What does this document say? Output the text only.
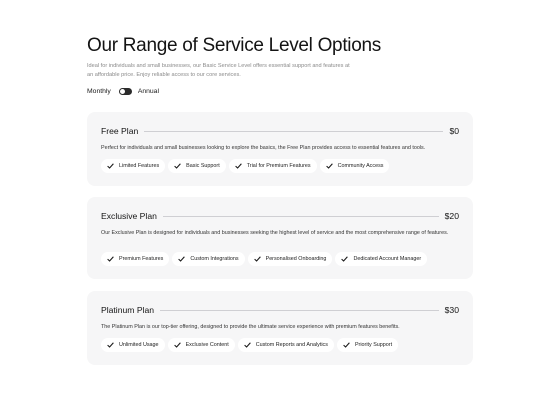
Our Range of Service Level Options

Ideal for individuals and small businesses, our Basic Service Level offers essential support and features at an affordable price. Enjoy reliable access to our core services.

Monthly	Annual
Free Plan	$0

Perfect for individuals and small businesses looking to explore the basics, the Free Plan provides access to essential features and tools.

Limited Features	Basic Support	Trial for Premium Features	Community Access
Exclusive Plan	$20

Our Exclusive Plan is designed for individuals and businesses seeking the highest level of service and the most comprehensive range of features.

Premium Features	Custom Integrations	Personalised Onboarding	Dedicated Account Manager
Platinum Plan	$30

The Platinum Plan is our top-tier offering, designed to provide the ultimate service experience with premium features benefits.

Unlimited Usage	Exclusive Content	Custom Reports and Analytics	Priority Support
